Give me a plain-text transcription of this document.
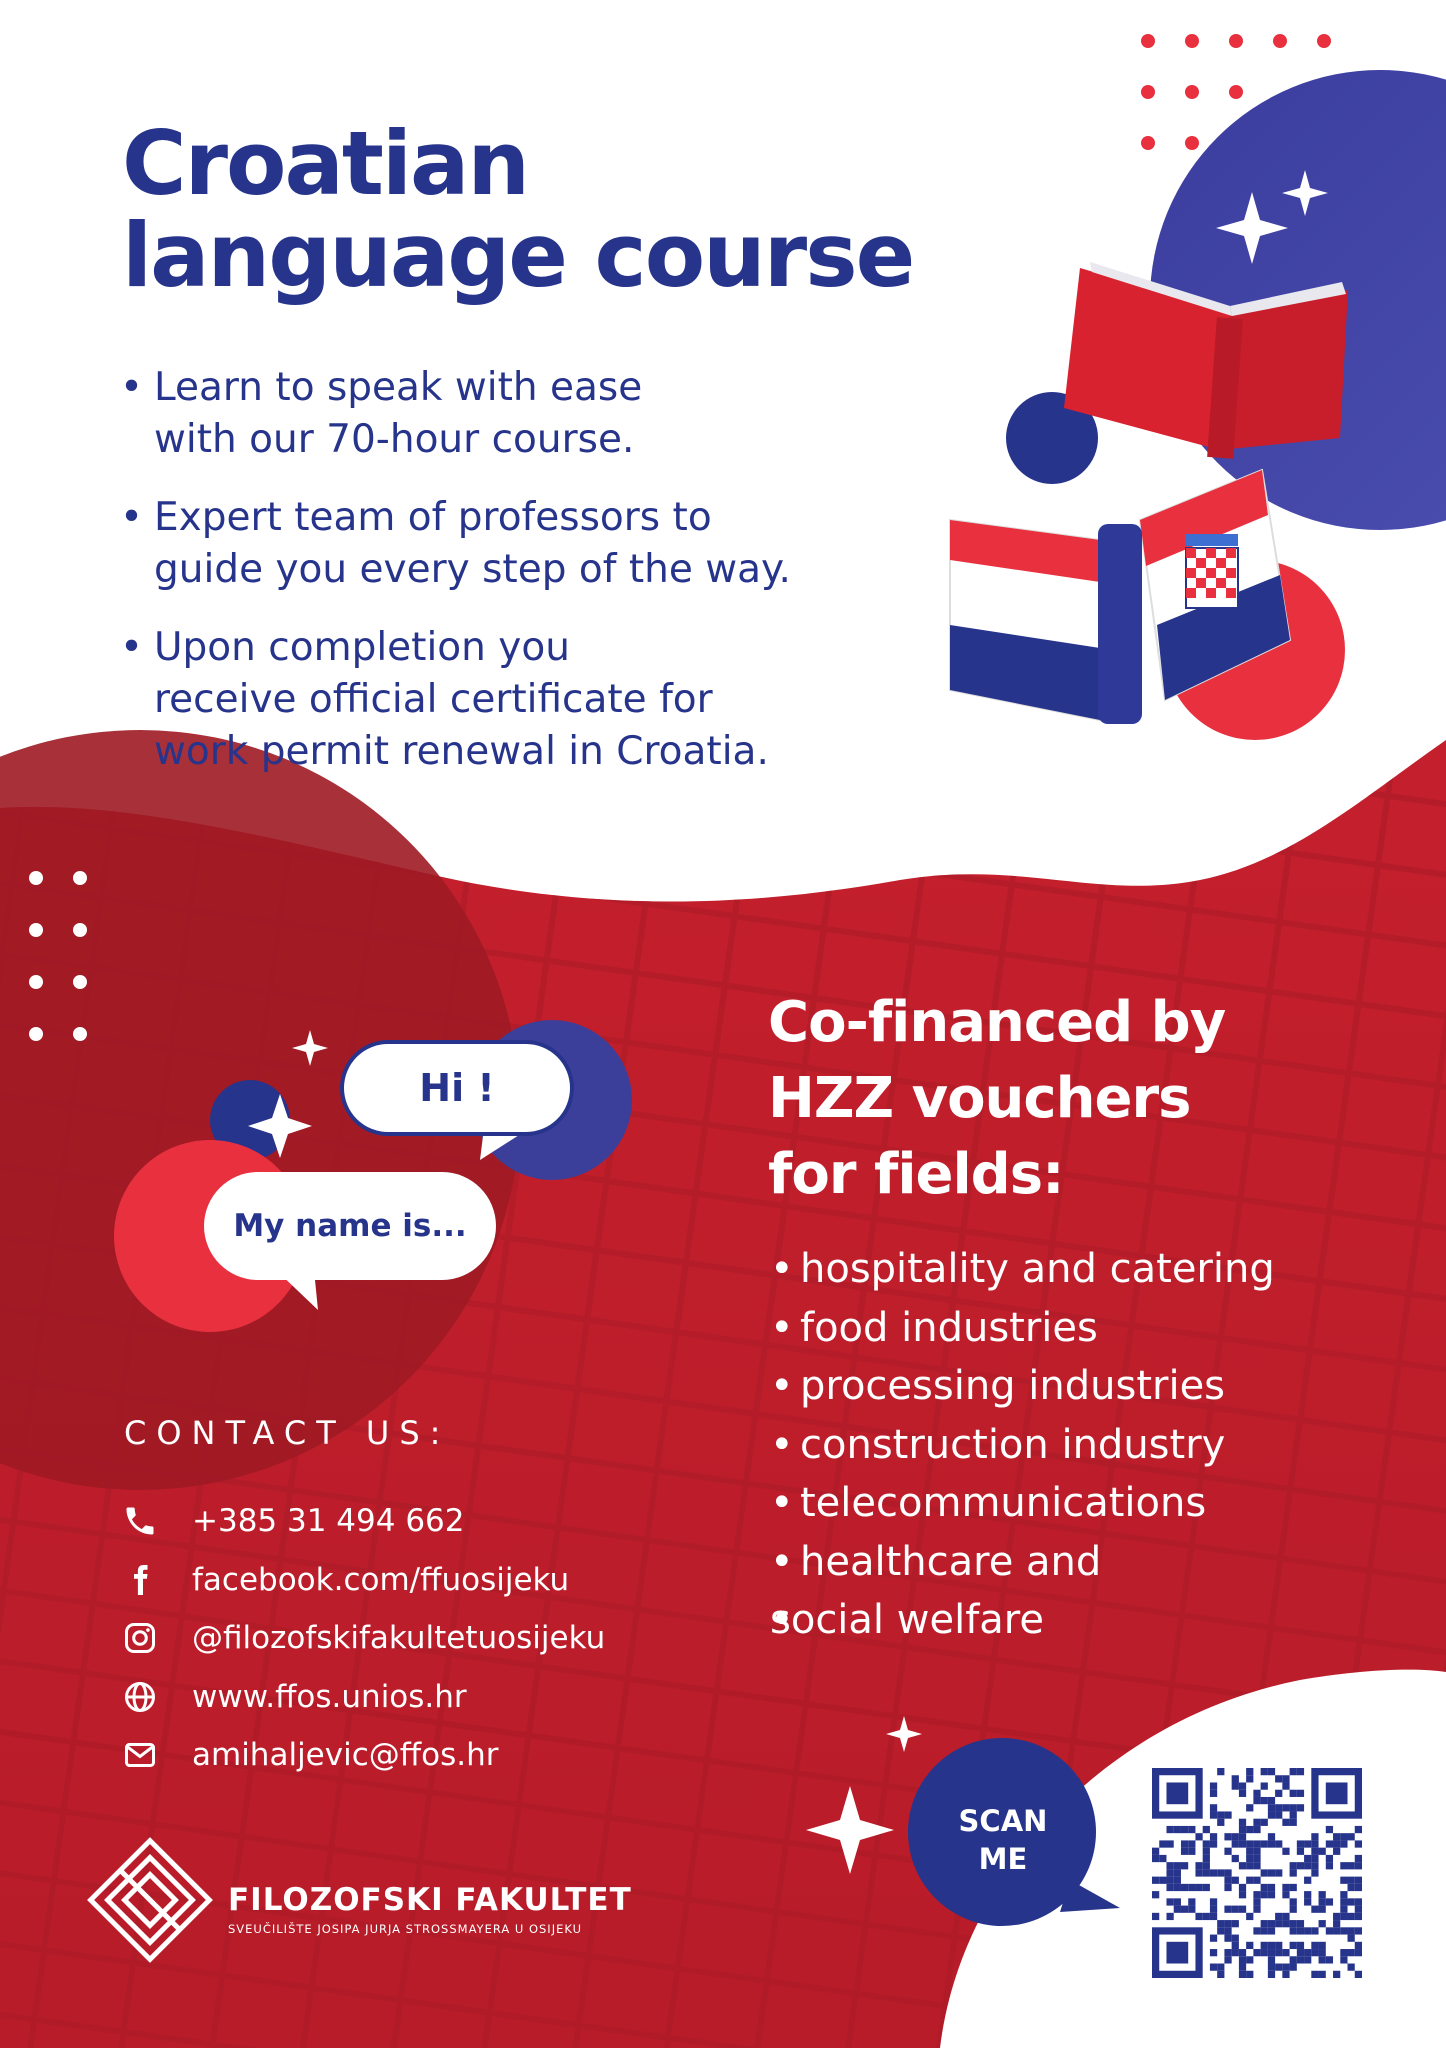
Croatian
language course
• Learn to speak with ease
with our 70-hour course.
• Expert team of professors to
guide you every step of the way.
• Upon completion you
receive official certificate for
work permit renewal in Croatia.
Hi !
My name is...
Co-financed by
HZZ vouchers
for fields:
• hospitality and catering
• food industries
• processing industries
• construction industry
• telecommunications
• healthcare and
• social welfare
CONTACT US:
+385 31 494 662
facebook.com/ffuosijeku
@filozofskifakultetuosijeku
www.ffos.unios.hr
amihaljevic@ffos.hr
FILOZOFSKI FAKULTET
SVEUČILIŠTE JOSIPA JURJA STROSSMAYERA U OSIJEKU
SCAN
ME
